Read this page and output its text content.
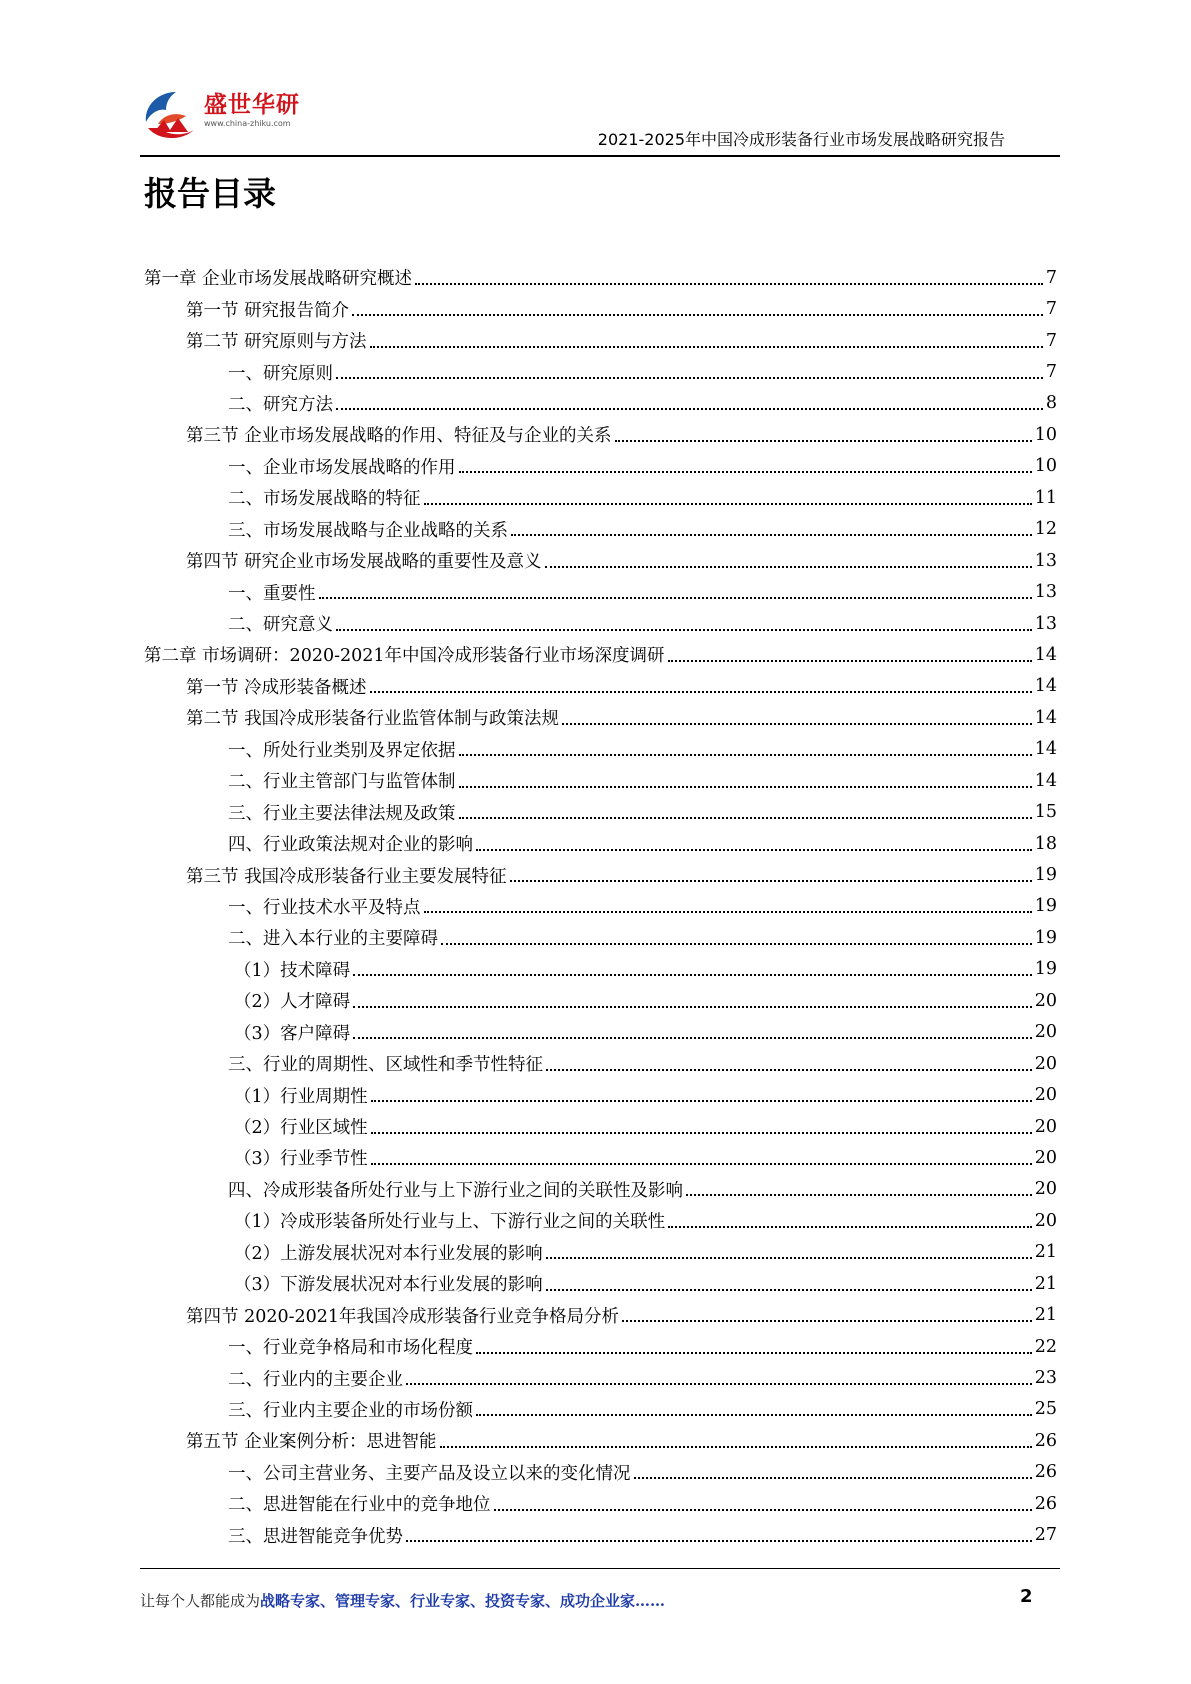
盛世华研
www.china-zhiku.com
2021-2025年中国冷成形装备行业市场发展战略研究报告
报告目录
第一章 企业市场发展战略研究概述	7
第一节 研究报告简介	7
第二节 研究原则与方法	7
一、研究原则	7
二、研究方法	8
第三节 企业市场发展战略的作用、特征及与企业的关系	10
一、企业市场发展战略的作用	10
二、市场发展战略的特征	11
三、市场发展战略与企业战略的关系	12
第四节 研究企业市场发展战略的重要性及意义	13
一、重要性	13
二、研究意义	13
第二章 市场调研：2020-2021年中国冷成形装备行业市场深度调研	14
第一节 冷成形装备概述	14
第二节 我国冷成形装备行业监管体制与政策法规	14
一、所处行业类别及界定依据	14
二、行业主管部门与监管体制	14
三、行业主要法律法规及政策	15
四、行业政策法规对企业的影响	18
第三节 我国冷成形装备行业主要发展特征	19
一、行业技术水平及特点	19
二、进入本行业的主要障碍	19
（1）技术障碍	19
（2）人才障碍	20
（3）客户障碍	20
三、行业的周期性、区域性和季节性特征	20
（1）行业周期性	20
（2）行业区域性	20
（3）行业季节性	20
四、冷成形装备所处行业与上下游行业之间的关联性及影响	20
（1）冷成形装备所处行业与上、下游行业之间的关联性	20
（2）上游发展状况对本行业发展的影响	21
（3）下游发展状况对本行业发展的影响	21
第四节 2020-2021年我国冷成形装备行业竞争格局分析	21
一、行业竞争格局和市场化程度	22
二、行业内的主要企业	23
三、行业内主要企业的市场份额	25
第五节 企业案例分析：思进智能	26
一、公司主营业务、主要产品及设立以来的变化情况	26
二、思进智能在行业中的竞争地位	26
三、思进智能竞争优势	27
让每个人都能成为战略专家、管理专家、行业专家、投资专家、成功企业家……	2
